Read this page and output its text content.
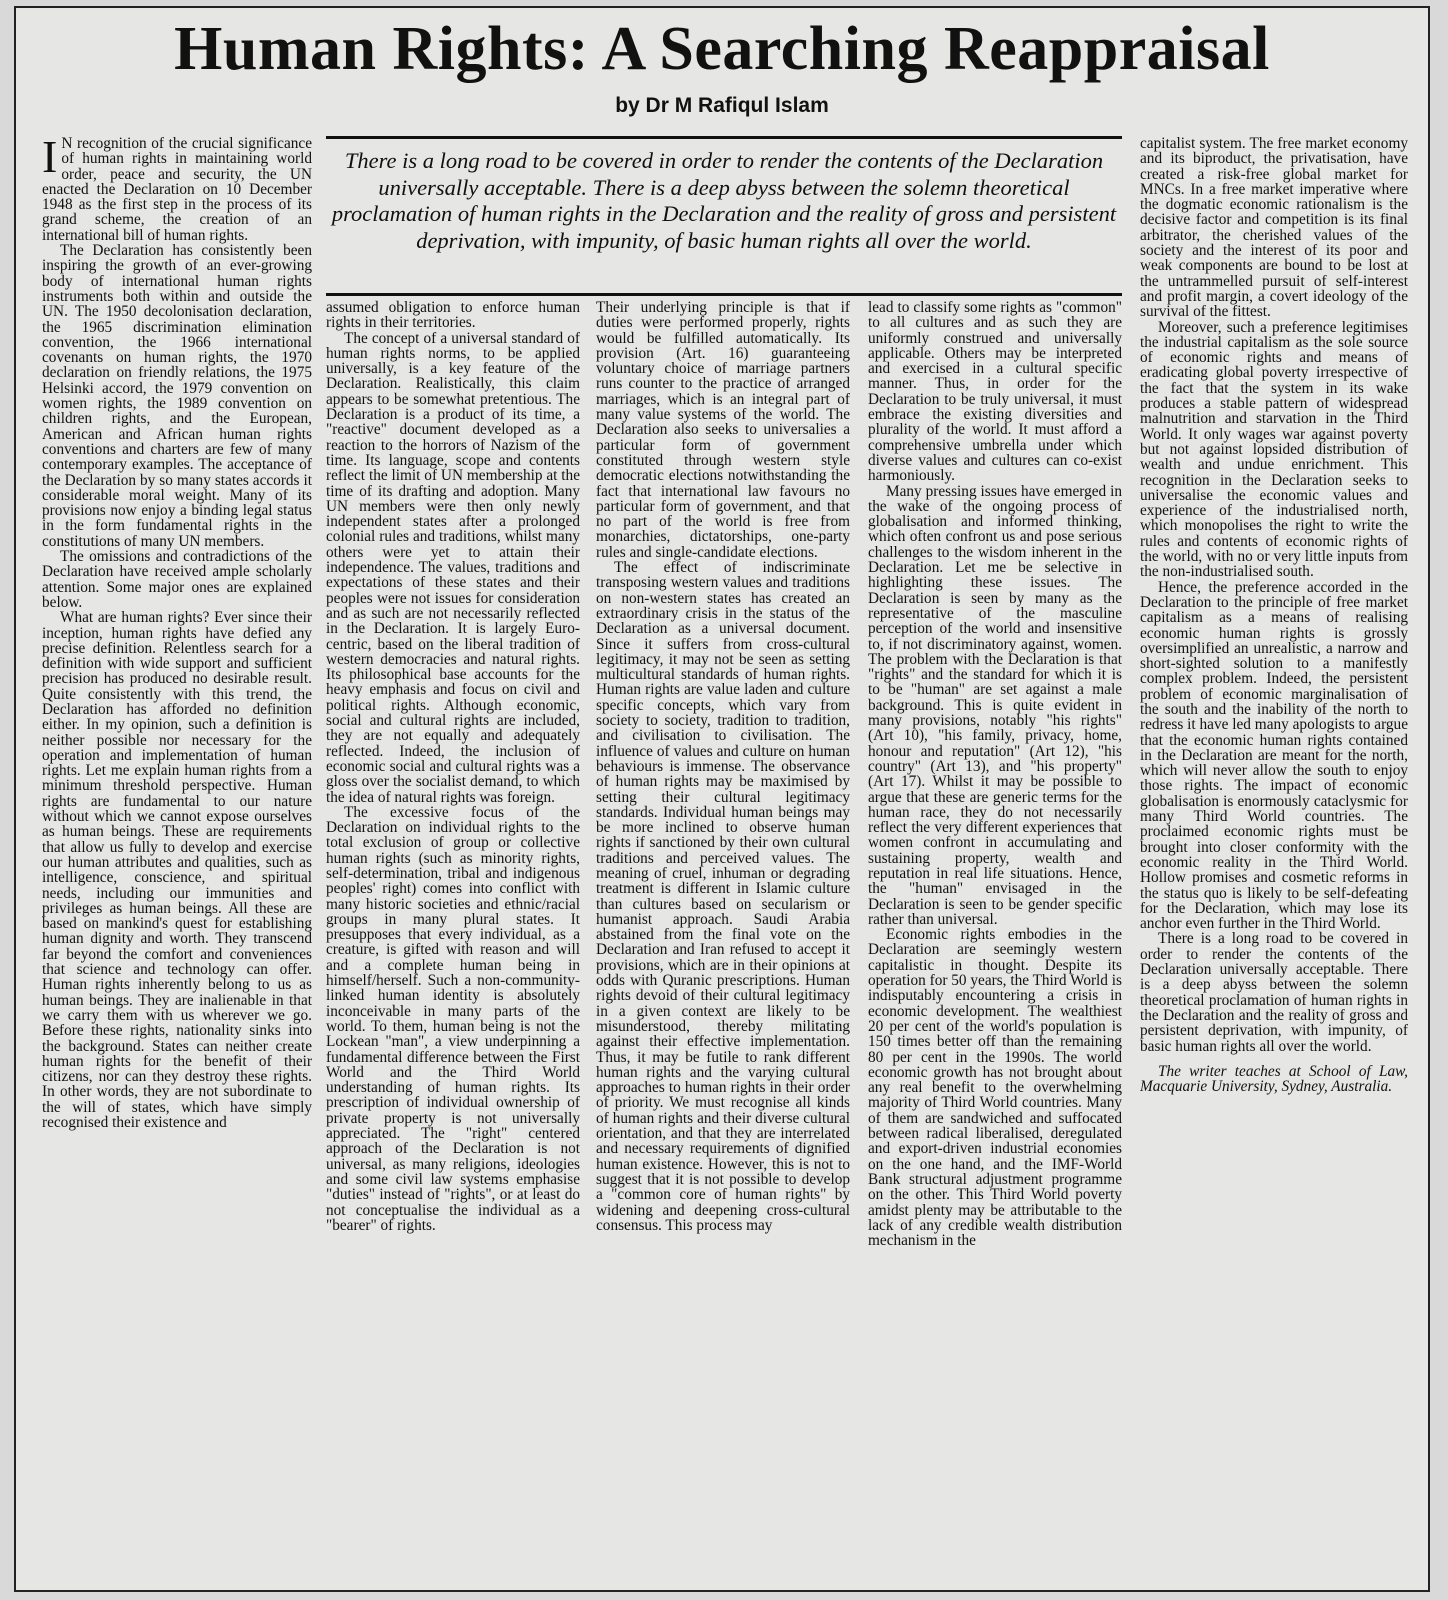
Human Rights: A Searching Reappraisal
by Dr M Rafiqul Islam
There is a long road to be covered in order to render the contents of the Declaration universally acceptable. There is a deep abyss between the solemn theoretical proclamation of human rights in the Declaration and the reality of gross and persistent deprivation, with impunity, of basic human rights all over the world.

I N recognition of the crucial significance of human rights in maintaining world order, peace and security, the UN enacted the Declaration on 10 December 1948 as the first step in the process of its grand scheme, the creation of an international bill of human rights.

The Declaration has consistently been inspiring the growth of an ever-growing body of international human rights instruments both within and outside the UN. The 1950 decolonisation declaration, the 1965 discrimination elimination convention, the 1966 international covenants on human rights, the 1970 declaration on friendly relations, the 1975 Helsinki accord, the 1979 convention on women rights, the 1989 convention on children rights, and the European, American and African human rights conventions and charters are few of many contemporary examples. The acceptance of the Declaration by so many states accords it considerable moral weight. Many of its provisions now enjoy a binding legal status in the form fundamental rights in the constitutions of many UN members.

The omissions and contradictions of the Declaration have received ample scholarly attention. Some major ones are explained below.

What are human rights? Ever since their inception, human rights have defied any precise definition. Relentless search for a definition with wide support and sufficient precision has produced no desirable result. Quite consistently with this trend, the Declaration has afforded no definition either. In my opinion, such a definition is neither possible nor necessary for the operation and implementation of human rights. Let me explain human rights from a minimum threshold perspective. Human rights are fundamental to our nature without which we cannot expose ourselves as human beings. These are requirements that allow us fully to develop and exercise our human attributes and qualities, such as intelligence, conscience, and spiritual needs, including our immunities and privileges as human beings. All these are based on mankind's quest for establishing human dignity and worth. They transcend far beyond the comfort and conveniences that science and technology can offer. Human rights inherently belong to us as human beings. They are inalienable in that we carry them with us wherever we go. Before these rights, nationality sinks into the background. States can neither create human rights for the benefit of their citizens, nor can they destroy these rights. In other words, they are not subordinate to the will of states, which have simply recognised their existence and

assumed obligation to enforce human rights in their territories.

The concept of a universal standard of human rights norms, to be applied universally, is a key feature of the Declaration. Realistically, this claim appears to be somewhat pretentious. The Declaration is a product of its time, a "reactive" document developed as a reaction to the horrors of Nazism of the time. Its language, scope and contents reflect the limit of UN membership at the time of its drafting and adoption. Many UN members were then only newly independent states after a prolonged colonial rules and traditions, whilst many others were yet to attain their independence. The values, traditions and expectations of these states and their peoples were not issues for consideration and as such are not necessarily reflected in the Declaration. It is largely Euro-centric, based on the liberal tradition of western democracies and natural rights. Its philosophical base accounts for the heavy emphasis and focus on civil and political rights. Although economic, social and cultural rights are included, they are not equally and adequately reflected. Indeed, the inclusion of economic social and cultural rights was a gloss over the socialist demand, to which the idea of natural rights was foreign.

The excessive focus of the Declaration on individual rights to the total exclusion of group or collective human rights (such as minority rights, self-determination, tribal and indigenous peoples' right) comes into conflict with many historic societies and ethnic/racial groups in many plural states. It presupposes that every individual, as a creature, is gifted with reason and will and a complete human being in himself/herself. Such a non-community-linked human identity is absolutely inconceivable in many parts of the world. To them, human being is not the Lockean "man", a view underpinning a fundamental difference between the First World and the Third World understanding of human rights. Its prescription of individual ownership of private property is not universally appreciated. The "right" centered approach of the Declaration is not universal, as many religions, ideologies and some civil law systems emphasise "duties" instead of "rights", or at least do not conceptualise the individual as a "bearer" of rights.

Their underlying principle is that if duties were performed properly, rights would be fulfilled automatically. Its provision (Art. 16) guaranteeing voluntary choice of marriage partners runs counter to the practice of arranged marriages, which is an integral part of many value systems of the world. The Declaration also seeks to universalies a particular form of government constituted through western style democratic elections notwithstanding the fact that international law favours no particular form of government, and that no part of the world is free from monarchies, dictatorships, one-party rules and single-candidate elections.

The effect of indiscriminate transposing western values and traditions on non-western states has created an extraordinary crisis in the status of the Declaration as a universal document. Since it suffers from cross-cultural legitimacy, it may not be seen as setting multicultural standards of human rights. Human rights are value laden and culture specific concepts, which vary from society to society, tradition to tradition, and civilisation to civilisation. The influence of values and culture on human behaviours is immense. The observance of human rights may be maximised by setting their cultural legitimacy standards. Individual human beings may be more inclined to observe human rights if sanctioned by their own cultural traditions and perceived values. The meaning of cruel, inhuman or degrading treatment is different in Islamic culture than cultures based on secularism or humanist approach. Saudi Arabia abstained from the final vote on the Declaration and Iran refused to accept it provisions, which are in their opinions at odds with Quranic prescriptions. Human rights devoid of their cultural legitimacy in a given context are likely to be misunderstood, thereby militating against their effective implementation. Thus, it may be futile to rank different human rights and the varying cultural approaches to human rights in their order of priority. We must recognise all kinds of human rights and their diverse cultural orientation, and that they are interrelated and necessary requirements of dignified human existence. However, this is not to suggest that it is not possible to develop a "common core of human rights" by widening and deepening cross-cultural consensus. This process may

lead to classify some rights as "common" to all cultures and as such they are uniformly construed and universally applicable. Others may be interpreted and exercised in a cultural specific manner. Thus, in order for the Declaration to be truly universal, it must embrace the existing diversities and plurality of the world. It must afford a comprehensive umbrella under which diverse values and cultures can co-exist harmoniously.

Many pressing issues have emerged in the wake of the ongoing process of globalisation and informed thinking, which often confront us and pose serious challenges to the wisdom inherent in the Declaration. Let me be selective in highlighting these issues. The Declaration is seen by many as the representative of the masculine perception of the world and insensitive to, if not discriminatory against, women. The problem with the Declaration is that "rights" and the standard for which it is to be "human" are set against a male background. This is quite evident in many provisions, notably "his rights" (Art 10), "his family, privacy, home, honour and reputation" (Art 12), "his country" (Art 13), and "his property" (Art 17). Whilst it may be possible to argue that these are generic terms for the human race, they do not necessarily reflect the very different experiences that women confront in accumulating and sustaining property, wealth and reputation in real life situations. Hence, the "human" envisaged in the Declaration is seen to be gender specific rather than universal.

Economic rights embodies in the Declaration are seemingly western capitalistic in thought. Despite its operation for 50 years, the Third World is indisputably encountering a crisis in economic development. The wealthiest 20 per cent of the world's population is 150 times better off than the remaining 80 per cent in the 1990s. The world economic growth has not brought about any real benefit to the overwhelming majority of Third World countries. Many of them are sandwiched and suffocated between radical liberalised, deregulated and export-driven industrial economies on the one hand, and the IMF-World Bank structural adjustment programme on the other. This Third World poverty amidst plenty may be attributable to the lack of any credible wealth distribution mechanism in the

capitalist system. The free market economy and its biproduct, the privatisation, have created a risk-free global market for MNCs. In a free market imperative where the dogmatic economic rationalism is the decisive factor and competition is its final arbitrator, the cherished values of the society and the interest of its poor and weak components are bound to be lost at the untrammelled pursuit of self-interest and profit margin, a covert ideology of the survival of the fittest.

Moreover, such a preference legitimises the industrial capitalism as the sole source of economic rights and means of eradicating global poverty irrespective of the fact that the system in its wake produces a stable pattern of widespread malnutrition and starvation in the Third World. It only wages war against poverty but not against lopsided distribution of wealth and undue enrichment. This recognition in the Declaration seeks to universalise the economic values and experience of the industrialised north, which monopolises the right to write the rules and contents of economic rights of the world, with no or very little inputs from the non-industrialised south.

Hence, the preference accorded in the Declaration to the principle of free market capitalism as a means of realising economic human rights is grossly oversimplified an unrealistic, a narrow and short-sighted solution to a manifestly complex problem. Indeed, the persistent problem of economic marginalisation of the south and the inability of the north to redress it have led many apologists to argue that the economic human rights contained in the Declaration are meant for the north, which will never allow the south to enjoy those rights. The impact of economic globalisation is enormously cataclysmic for many Third World countries. The proclaimed economic rights must be brought into closer conformity with the economic reality in the Third World. Hollow promises and cosmetic reforms in the status quo is likely to be self-defeating for the Declaration, which may lose its anchor even further in the Third World.

There is a long road to be covered in order to render the contents of the Declaration universally acceptable. There is a deep abyss between the solemn theoretical proclamation of human rights in the Declaration and the reality of gross and persistent deprivation, with impunity, of basic human rights all over the world.

The writer teaches at School of Law, Macquarie University, Sydney, Australia.
